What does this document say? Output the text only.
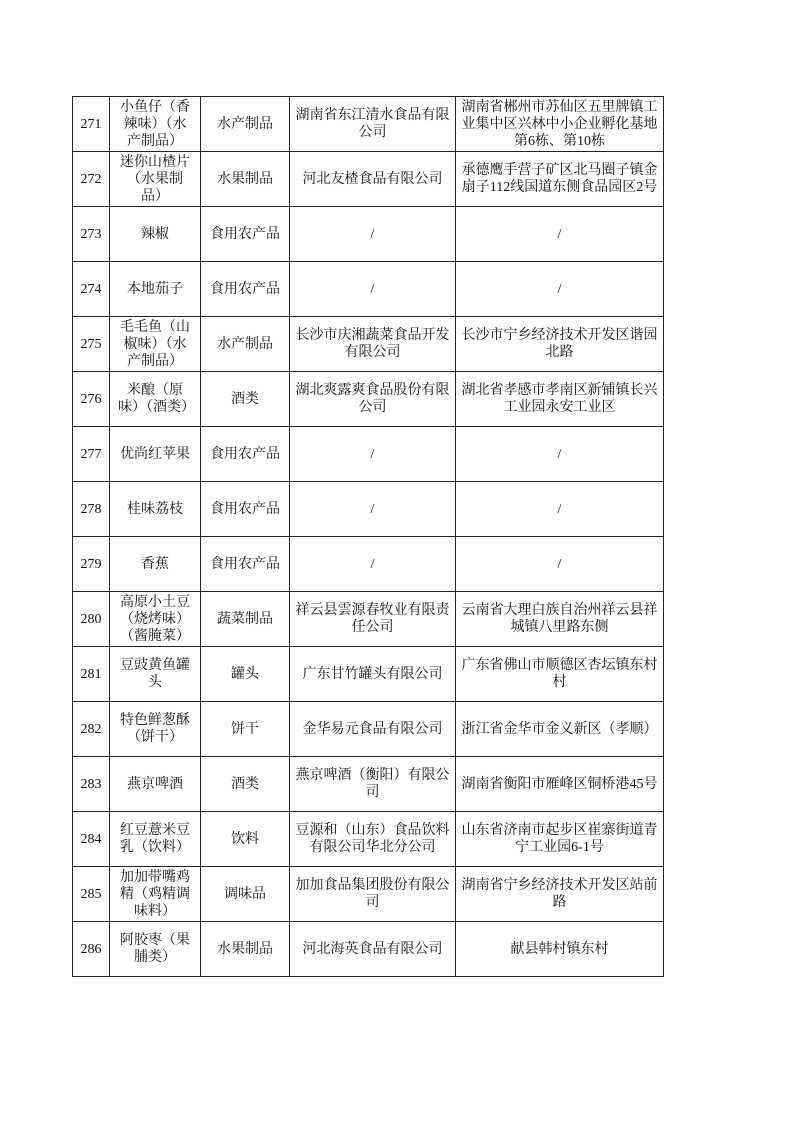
271	小鱼仔（香辣味）（水产制品）	水产制品	湖南省东江清水食品有限公司	湖南省郴州市苏仙区五里牌镇工业集中区兴林中小企业孵化基地第6栋、第10栋
272	迷你山楂片（水果制品）	水果制品	河北友楂食品有限公司	承德鹰手营子矿区北马圈子镇金扇子112线国道东侧食品园区2号
273	辣椒	食用农产品	/	/
274	本地茄子	食用农产品	/	/
275	毛毛鱼（山椒味）（水产制品）	水产制品	长沙市庆湘蔬菜食品开发有限公司	长沙市宁乡经济技术开发区谐园北路
276	米酿（原味）（酒类）	酒类	湖北爽露爽食品股份有限公司	湖北省孝感市孝南区新铺镇长兴工业园永安工业区
277	优尚红苹果	食用农产品	/	/
278	桂味荔枝	食用农产品	/	/
279	香蕉	食用农产品	/	/
280	高原小土豆（烧烤味）（酱腌菜）	蔬菜制品	祥云县雲源春牧业有限责任公司	云南省大理白族自治州祥云县祥城镇八里路东侧
281	豆豉黄鱼罐头	罐头	广东甘竹罐头有限公司	广东省佛山市顺德区杏坛镇东村村
282	特色鲜葱酥（饼干）	饼干	金华易元食品有限公司	浙江省金华市金义新区（孝顺）
283	燕京啤酒	酒类	燕京啤酒（衡阳）有限公司	湖南省衡阳市雁峰区铜桥港45号
284	红豆薏米豆乳（饮料）	饮料	豆源和（山东）食品饮料有限公司华北分公司	山东省济南市起步区崔寨街道青宁工业园6-1号
285	加加带嘴鸡精（鸡精调味料）	调味品	加加食品集团股份有限公司	湖南省宁乡经济技术开发区站前路
286	阿胶枣（果脯类）	水果制品	河北海英食品有限公司	献县韩村镇东村
